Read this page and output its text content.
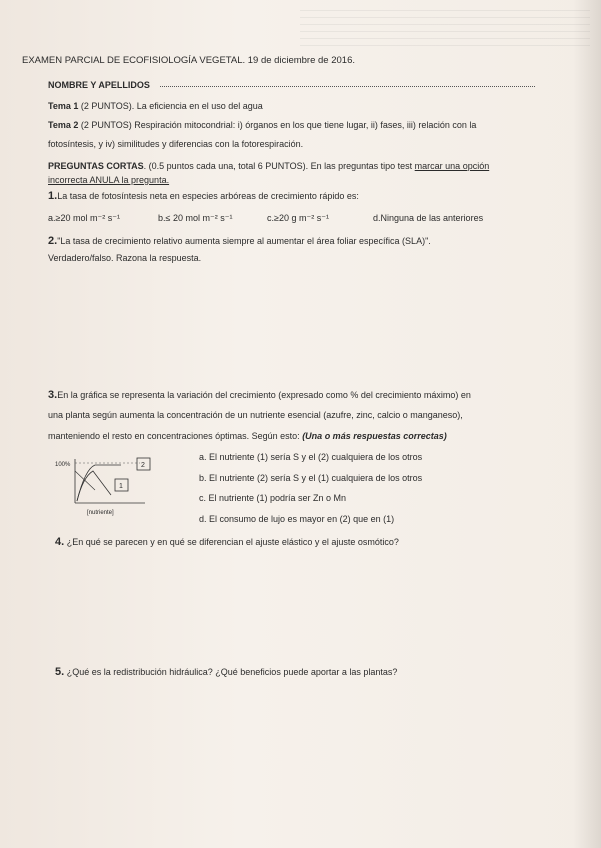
EXAMEN PARCIAL DE ECOFISIOLOGÍA VEGETAL. 19 de diciembre de 2016.
NOMBRE Y APELLIDOS
Tema 1 (2 PUNTOS). La eficiencia en el uso del agua
Tema 2 (2 PUNTOS) Respiración mitocondrial: i) órganos en los que tiene lugar, ii) fases, iii) relación con la
fotosíntesis, y iv) similitudes y diferencias con la fotorespiración.
PREGUNTAS CORTAS. (0.5 puntos cada una, total 6 PUNTOS). En las preguntas tipo test marcar una opción
incorrecta ANULA la pregunta.
1.La tasa de fotosíntesis neta en especies arbóreas de crecimiento rápido es:
a.≥20 mol m⁻² s⁻¹	b.≤ 20 mol m⁻² s⁻¹	c.≥20 g m⁻² s⁻¹	d.Ninguna de las anteriores
2."La tasa de crecimiento relativo aumenta siempre al aumentar el área foliar específica (SLA)".
Verdadero/falso. Razona la respuesta.
3.En la gráfica se representa la variación del crecimiento (expresado como % del crecimiento máximo) en
una planta según aumenta la concentración de un nutriente esencial (azufre, zinc, calcio o manganeso),
manteniendo el resto en concentraciones óptimas. Según esto: (Una o más respuestas correctas)
100%	2
1
[nutriente]
a. El nutriente (1) sería S y el (2) cualquiera de los otros
b. El nutriente (2) sería S y el (1) cualquiera de los otros
c. El nutriente (1) podría ser Zn o Mn
d. El consumo de lujo es mayor en (2) que en (1)
4. ¿En qué se parecen y en qué se diferencian el ajuste elástico y el ajuste osmótico?
5. ¿Qué es la redistribución hidráulica? ¿Qué beneficios puede aportar a las plantas?
